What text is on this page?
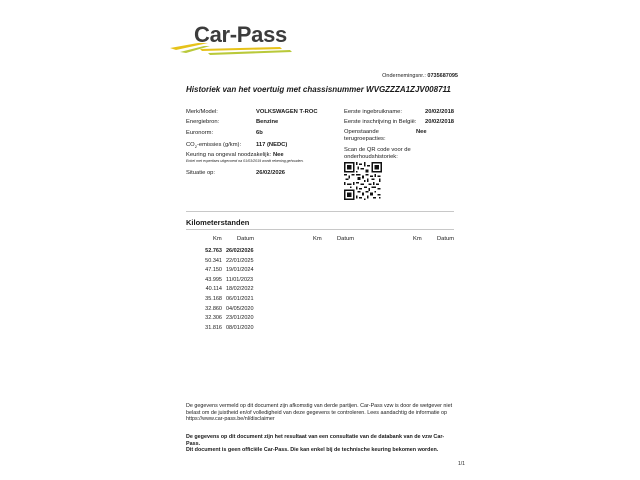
Car-Pass
Ondernemingsnr.: 0735687095
Historiek van het voertuig met chassisnummer WVGZZZA1ZJV008711
Merk/Model:	VOLKSWAGEN T-ROC
Energiebron:	Benzine
Euronorm:	6b
$CO_2$-emissies (g/km):	117 (NEDC)
Keuring na ongeval noodzakelijk: Nee
Enkel met expertises uitgevoerd na 01/03/2019 wordt rekening gehouden.
Situatie op:	26/02/2026
Eerste ingebruikname:	20/02/2018
Eerste inschrijving in België: 20/02/2018
Openstaande
terugroepacties:
Nee
Scan de QR code voor de
onderhoudshistoriek:
Kilometerstanden
Km	Datum	Km	Datum	Km	Datum
52.763 26/02/2026
50.341 22/01/2025
47.150 19/01/2024
43.995 11/01/2023
40.114 18/02/2022
35.168 06/01/2021
32.860 04/05/2020
32.306 23/01/2020
31.816 08/01/2020
De gegevens vermeld op dit document zijn afkomstig van derde partijen. Car-Pass vzw is door de wetgever niet
belast om de juistheid en/of volledigheid van deze gegevens te controleren. Lees aandachtig de informatie op
https://www.car-pass.be/nl/disclaimer
De gegevens op dit document zijn het resultaat van een consultatie van de databank van de vzw Car-Pass.
Dit document is geen officiële Car-Pass. Die kan enkel bij de technische keuring bekomen worden.
1/1
